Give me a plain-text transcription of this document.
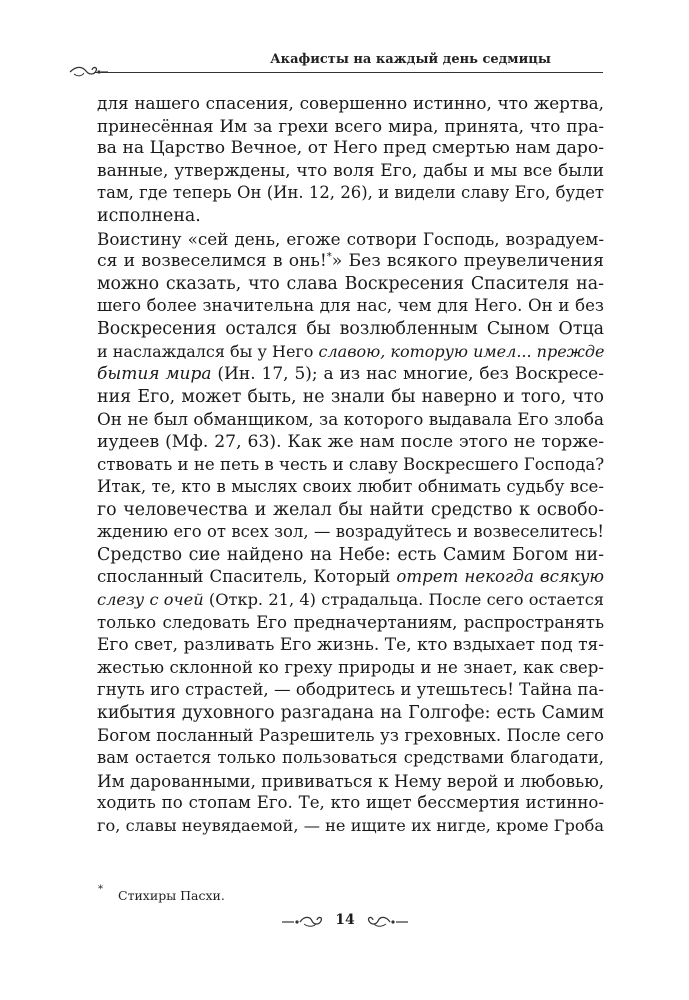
Акафисты на каждый день седмицы
для нашего спасения, совершенно истинно, что жертва,
принесённая Им за грехи всего мира, принята, что пра-
ва на Царство Вечное, от Него пред смертью нам даро-
ванные, утверждены, что воля Его, дабы и мы все были
там, где теперь Он (Ин. 12, 26), и видели славу Его, будет
исполнена.
Воистину «сей день, егоже сотвори Господь, возрадуем-
ся и возвеселимся в онь!*» Без всякого преувеличения
можно сказать, что слава Воскресения Спасителя на-
шего более значительна для нас, чем для Него. Он и без
Воскресения остался бы возлюбленным Сыном Отца
и наслаждался бы у Него славою, которую имел... прежде
бытия мира (Ин. 17, 5); а из нас многие, без Воскресе-
ния Его, может быть, не знали бы наверно и того, что
Он не был обманщиком, за которого выдавала Его злоба
иудеев (Мф. 27, 63). Как же нам после этого не торже-
ствовать и не петь в честь и славу Воскресшего Господа?
Итак, те, кто в мыслях своих любит обнимать судьбу все-
го человечества и желал бы найти средство к освобо-
ждению его от всех зол, — возрадуйтесь и возвеселитесь!
Средство сие найдено на Небе: есть Самим Богом ни-
спосланный Спаситель, Который отрет некогда всякую
слезу с очей (Откр. 21, 4) страдальца. После сего остается
только следовать Его предначертаниям, распространять
Его свет, разливать Его жизнь. Те, кто вздыхает под тя-
жестью склонной ко греху природы и не знает, как свер-
гнуть иго страстей, — ободритесь и утешьтесь! Тайна па-
кибытия духовного разгадана на Голгофе: есть Самим
Богом посланный Разрешитель уз греховных. После сего
вам остается только пользоваться средствами благодати,
Им дарованными, прививаться к Нему верой и любовью,
ходить по стопам Его. Те, кто ищет бессмертия истинно-
го, славы неувядаемой, — не ищите их нигде, кроме Гроба
* Стихиры Пасхи.
14
